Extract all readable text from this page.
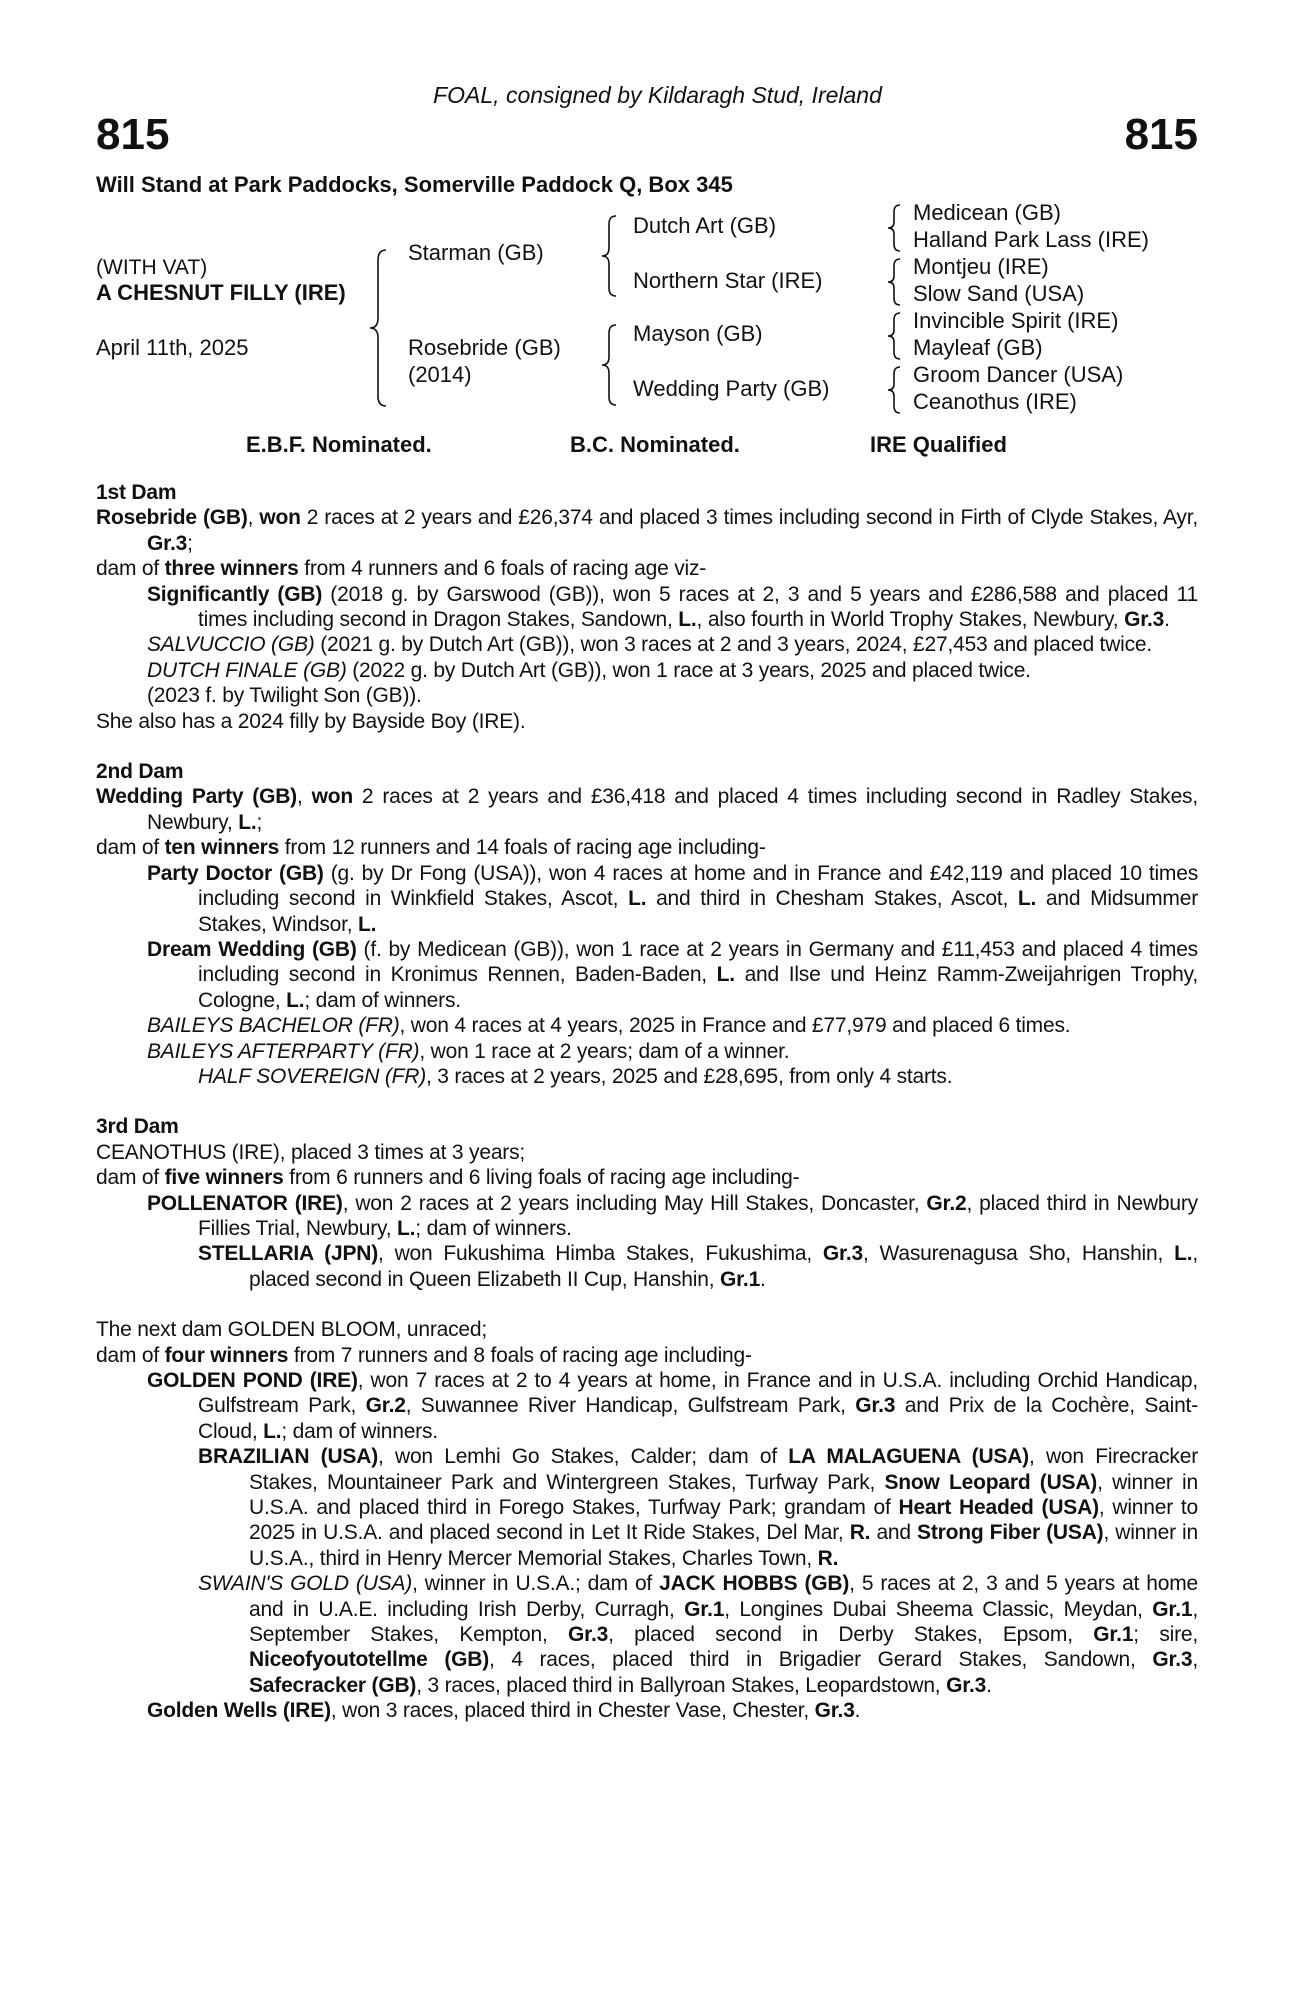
FOAL, consigned by Kildaragh Stud, Ireland
815	815
Will Stand at Park Paddocks, Somerville Paddock Q, Box 345
(WITH VAT)
A CHESNUT FILLY (IRE)
April 11th, 2025
Starman (GB)
Rosebride (GB)
(2014)
Dutch Art (GB)
Northern Star (IRE)
Mayson (GB)
Wedding Party (GB)
Medicean (GB)
Halland Park Lass (IRE)
Montjeu (IRE)
Slow Sand (USA)
Invincible Spirit (IRE)
Mayleaf (GB)
Groom Dancer (USA)
Ceanothus (IRE)
E.B.F. Nominated.	B.C. Nominated.	IRE Qualified
1st Dam
Rosebride (GB), won 2 races at 2 years and £26,374 and placed 3 times including second in Firth of Clyde Stakes, Ayr, Gr.3;
dam of three winners from 4 runners and 6 foals of racing age viz-
Significantly (GB) (2018 g. by Garswood (GB)), won 5 races at 2, 3 and 5 years and £286,588 and placed 11 times including second in Dragon Stakes, Sandown, L., also fourth in World Trophy Stakes, Newbury, Gr.3.
SALVUCCIO (GB) (2021 g. by Dutch Art (GB)), won 3 races at 2 and 3 years, 2024, £27,453 and placed twice.
DUTCH FINALE (GB) (2022 g. by Dutch Art (GB)), won 1 race at 3 years, 2025 and placed twice.
(2023 f. by Twilight Son (GB)).
She also has a 2024 filly by Bayside Boy (IRE).
2nd Dam
Wedding Party (GB), won 2 races at 2 years and £36,418 and placed 4 times including second in Radley Stakes, Newbury, L.;
dam of ten winners from 12 runners and 14 foals of racing age including-
Party Doctor (GB) (g. by Dr Fong (USA)), won 4 races at home and in France and £42,119 and placed 10 times including second in Winkfield Stakes, Ascot, L. and third in Chesham Stakes, Ascot, L. and Midsummer Stakes, Windsor, L.
Dream Wedding (GB) (f. by Medicean (GB)), won 1 race at 2 years in Germany and £11,453 and placed 4 times including second in Kronimus Rennen, Baden-Baden, L. and Ilse und Heinz Ramm-Zweijahrigen Trophy, Cologne, L.; dam of winners.
BAILEYS BACHELOR (FR), won 4 races at 4 years, 2025 in France and £77,979 and placed 6 times.
BAILEYS AFTERPARTY (FR), won 1 race at 2 years; dam of a winner.
HALF SOVEREIGN (FR), 3 races at 2 years, 2025 and £28,695, from only 4 starts.
3rd Dam
CEANOTHUS (IRE), placed 3 times at 3 years;
dam of five winners from 6 runners and 6 living foals of racing age including-
POLLENATOR (IRE), won 2 races at 2 years including May Hill Stakes, Doncaster, Gr.2, placed third in Newbury Fillies Trial, Newbury, L.; dam of winners.
STELLARIA (JPN), won Fukushima Himba Stakes, Fukushima, Gr.3, Wasurenagusa Sho, Hanshin, L., placed second in Queen Elizabeth II Cup, Hanshin, Gr.1.
The next dam GOLDEN BLOOM, unraced;
dam of four winners from 7 runners and 8 foals of racing age including-
GOLDEN POND (IRE), won 7 races at 2 to 4 years at home, in France and in U.S.A. including Orchid Handicap, Gulfstream Park, Gr.2, Suwannee River Handicap, Gulfstream Park, Gr.3 and Prix de la Cochère, Saint-Cloud, L.; dam of winners.
BRAZILIAN (USA), won Lemhi Go Stakes, Calder; dam of LA MALAGUENA (USA), won Firecracker Stakes, Mountaineer Park and Wintergreen Stakes, Turfway Park, Snow Leopard (USA), winner in U.S.A. and placed third in Forego Stakes, Turfway Park; grandam of Heart Headed (USA), winner to 2025 in U.S.A. and placed second in Let It Ride Stakes, Del Mar, R. and Strong Fiber (USA), winner in U.S.A., third in Henry Mercer Memorial Stakes, Charles Town, R.
SWAIN'S GOLD (USA), winner in U.S.A.; dam of JACK HOBBS (GB), 5 races at 2, 3 and 5 years at home and in U.A.E. including Irish Derby, Curragh, Gr.1, Longines Dubai Sheema Classic, Meydan, Gr.1, September Stakes, Kempton, Gr.3, placed second in Derby Stakes, Epsom, Gr.1; sire, Niceofyoutotellme (GB), 4 races, placed third in Brigadier Gerard Stakes, Sandown, Gr.3, Safecracker (GB), 3 races, placed third in Ballyroan Stakes, Leopardstown, Gr.3.
Golden Wells (IRE), won 3 races, placed third in Chester Vase, Chester, Gr.3.
